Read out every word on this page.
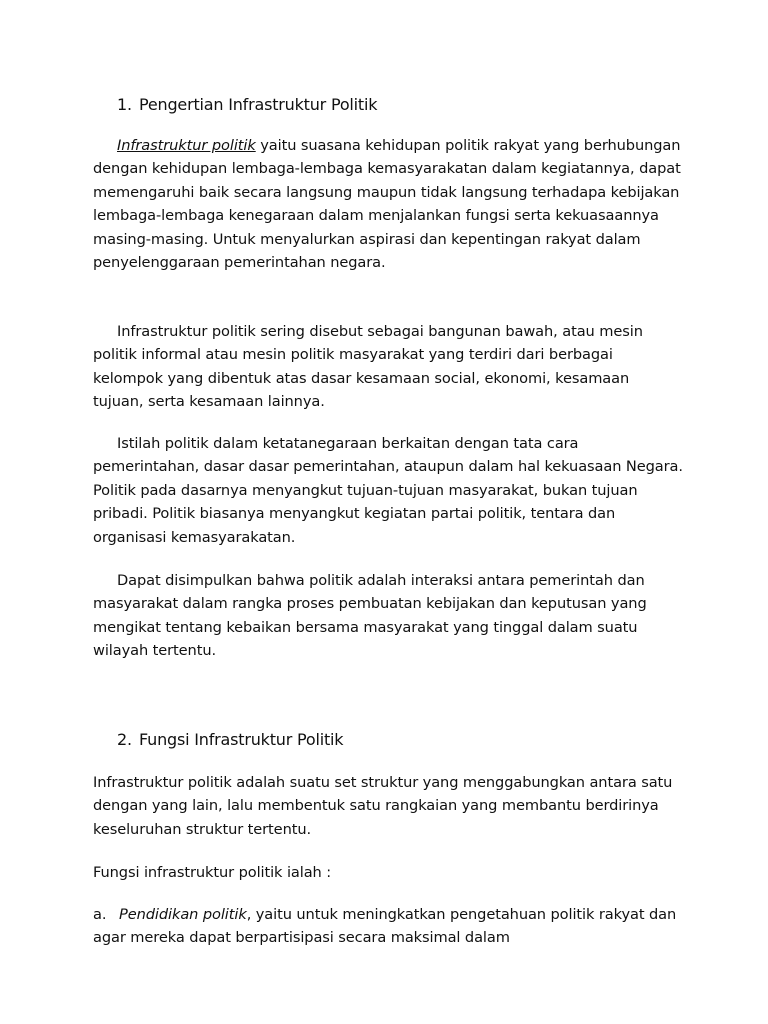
1. Pengertian Infrastruktur Politik

Infrastruktur politik yaitu suasana kehidupan politik rakyat yang berhubungan dengan kehidupan lembaga-lembaga kemasyarakatan dalam kegiatannya, dapat memengaruhi baik secara langsung maupun tidak langsung terhadapa kebijakan lembaga-lembaga kenegaraan dalam menjalankan fungsi serta kekuasaannya masing-masing. Untuk menyalurkan aspirasi dan kepentingan rakyat dalam penyelenggaraan pemerintahan negara.

Infrastruktur politik sering disebut sebagai bangunan bawah, atau mesin politik informal atau mesin politik masyarakat yang terdiri dari berbagai kelompok yang dibentuk atas dasar kesamaan social, ekonomi, kesamaan tujuan, serta kesamaan lainnya.

Istilah politik dalam ketatanegaraan berkaitan dengan tata cara pemerintahan, dasar dasar pemerintahan, ataupun dalam hal kekuasaan Negara. Politik pada dasarnya menyangkut tujuan-tujuan masyarakat, bukan tujuan pribadi. Politik biasanya menyangkut kegiatan partai politik, tentara dan organisasi kemasyarakatan.

Dapat disimpulkan bahwa politik adalah interaksi antara pemerintah dan masyarakat dalam rangka proses pembuatan kebijakan dan keputusan yang mengikat tentang kebaikan bersama masyarakat yang tinggal dalam suatu wilayah tertentu.

2. Fungsi Infrastruktur Politik

Infrastruktur politik adalah suatu set struktur yang menggabungkan antara satu dengan yang lain, lalu membentuk satu rangkaian yang membantu berdirinya keseluruhan struktur tertentu.

Fungsi infrastruktur politik ialah :

a. Pendidikan politik, yaitu untuk meningkatkan pengetahuan politik rakyat dan agar mereka dapat berpartisipasi secara maksimal dalam
